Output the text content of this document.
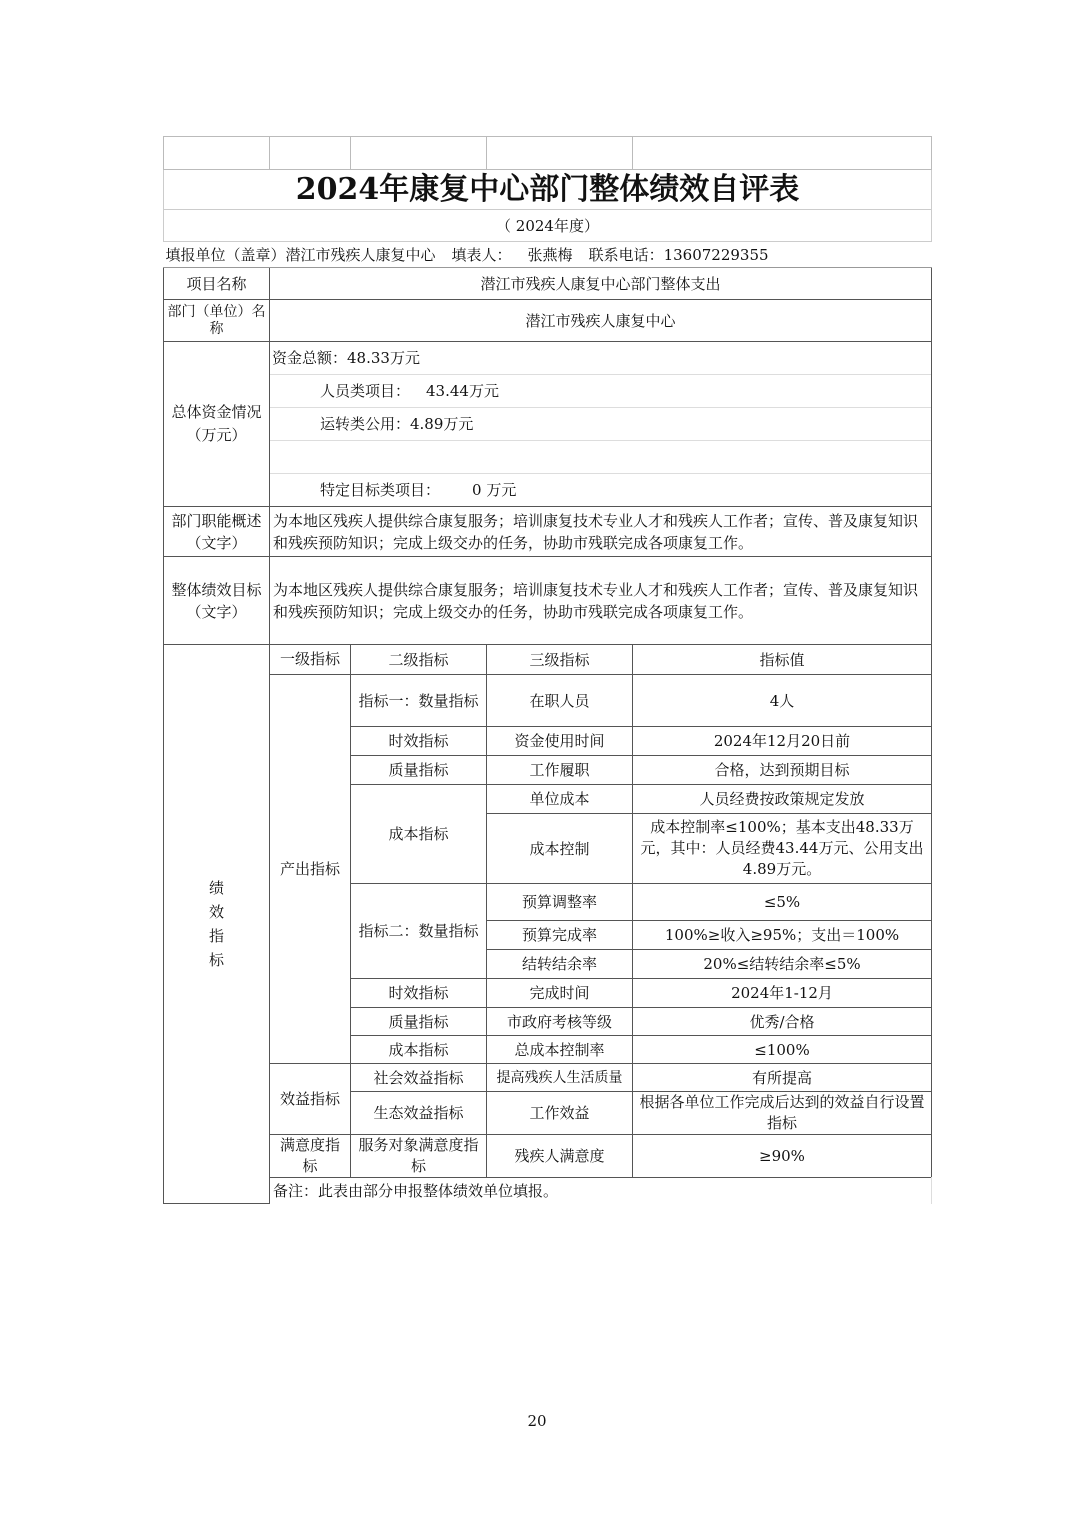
2024年康复中心部门整体绩效自评表					
（ 2024年度）					
填报单位（盖章）潜江市残疾人康复中心 填表人： 张燕梅 联系电话：13607229355					
项目名称	潜江市残疾人康复中心部门整体支出				
部门（单位）名称	潜江市残疾人康复中心				
总体资金情况 （万元）	资金总额：48.33万元
人员类项目： 43.44万元
运转类公用：4.89万元
特定目标类项目： 0 万元				

部门职能概述（文字）	为本地区残疾人提供综合康复服务；培训康复技术专业人才和残疾人工作者；宣传、普及康复知识和残疾预防知识；完成上级交办的任务，协助市残联完成各项康复工作。				
整体绩效目标（文字）	为本地区残疾人提供综合康复服务；培训康复技术专业人才和残疾人工作者；宣传、普及康复知识和残疾预防知识；完成上级交办的任务，协助市残联完成各项康复工作。				
绩效指标	一级指标	二级指标	三级指标	指标值	
	产出指标	指标一：数量指标	在职人员	4人	
		时效指标	资金使用时间	2024年12月20日前	
		质量指标	工作履职	合格，达到预期目标	
		成本指标	单位成本	人员经费按政策规定发放	
			成本控制	成本控制率≤100%；基本支出48.33万元，其中：人员经费43.44万元、公用支出4.89万元。	
		指标二：数量指标	预算调整率	≤5%	
			预算完成率	100%≥收入≥95%；支出＝100%	
			结转结余率	20%≤结转结余率≤5%	
		时效指标	完成时间	2024年1-12月	
		质量指标	市政府考核等级	优秀/合格	
		成本指标	总成本控制率	≤100%	
	效益指标	社会效益指标	提高残疾人生活质量	有所提高	
		生态效益指标	工作效益	根据各单位工作完成后达到的效益自行设置指标	
	满意度指标	服务对象满意度指标	残疾人满意度	≥90%	
	备注：此表由部分申报整体绩效单位填报。				
20
